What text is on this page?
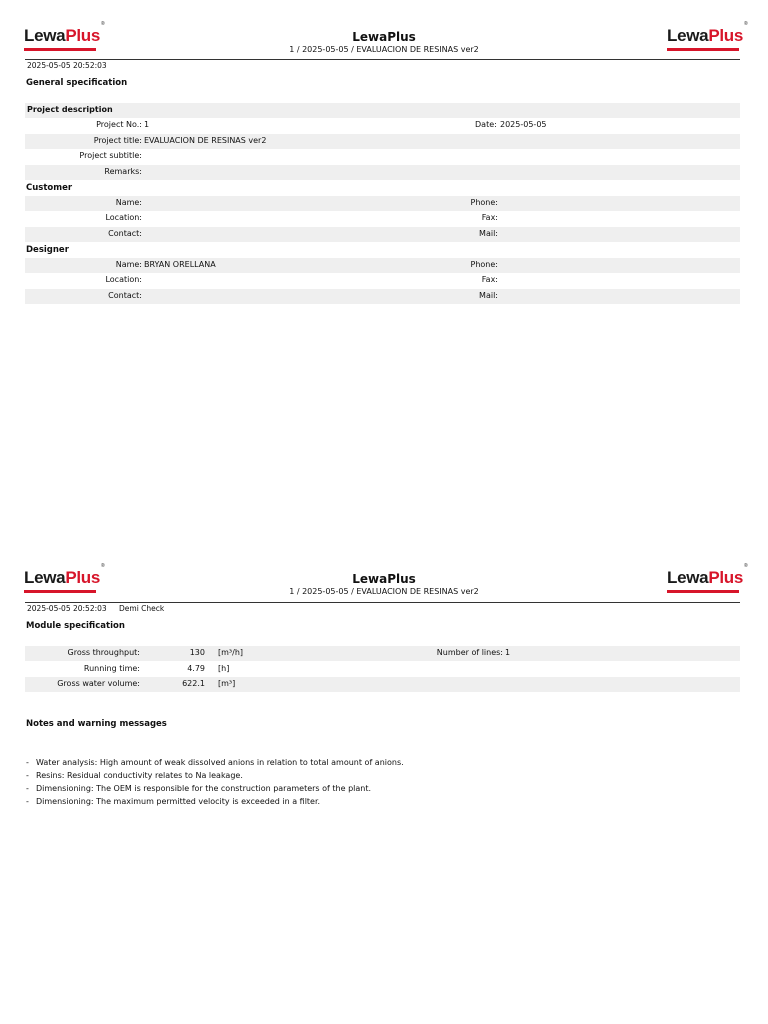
LewaPlus®
LewaPlus
1 / 2025-05-05 / EVALUACION DE RESINAS ver2
LewaPlus®
2025-05-05 20:52:03
General specification
Project description
Project No.: 1	Date: 2025-05-05
Project title: EVALUACION DE RESINAS ver2
Project subtitle:
Remarks:
Customer
Name:	Phone:
Location:	Fax:
Contact:	Mail:
Designer
Name: BRYAN ORELLANA	Phone:
Location:	Fax:
Contact:	Mail:
LewaPlus®
LewaPlus
1 / 2025-05-05 / EVALUACION DE RESINAS ver2
LewaPlus®
2025-05-05 20:52:03 Demi Check
Module specification
Gross throughput:	130 [m³/h]	Number of lines: 1
Running time:	4.79 [h]
Gross water volume:	622.1 [m³]
Notes and warning messages
- Water analysis: High amount of weak dissolved anions in relation to total amount of anions.
- Resins: Residual conductivity relates to Na leakage.
- Dimensioning: The OEM is responsible for the construction parameters of the plant.
- Dimensioning: The maximum permitted velocity is exceeded in a filter.
